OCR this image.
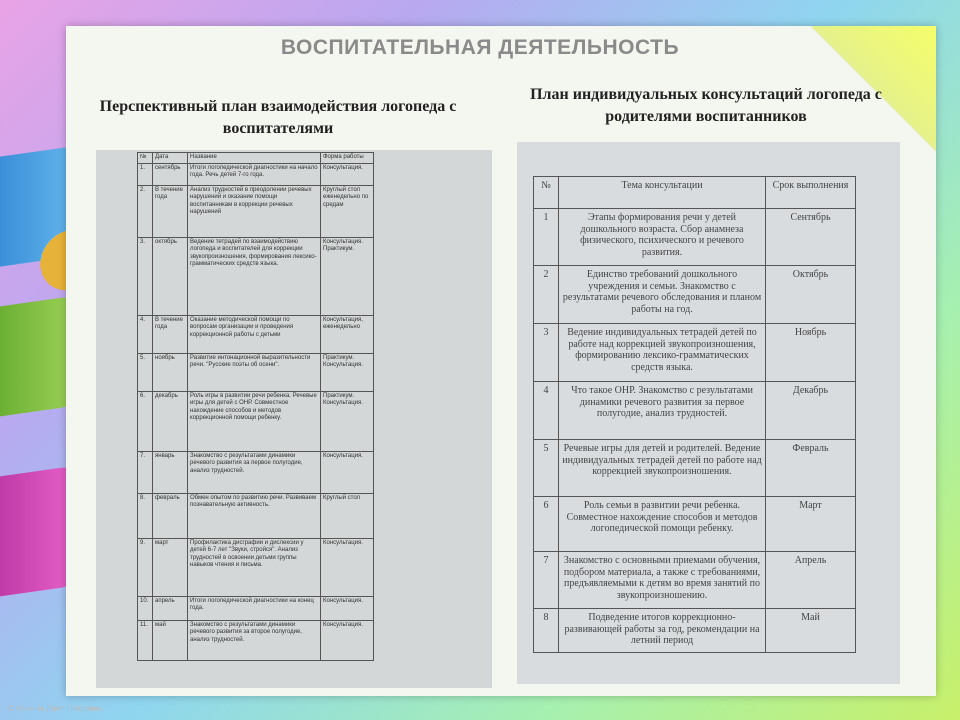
ВОСПИТАТЕЛЬНАЯ ДЕЯТЕЛЬНОСТЬ
Перспективный план взаимодействия логопеда с воспитателями
План индивидуальных консультаций логопеда с родителями воспитанников
№	Дата	Название	Форма работы
1.	сентябрь	Итоги логопедической диагностики на начало года. Речь детей 7-го года.	Консультация.
2.	В течение года	Анализ трудностей в преодолении речевых нарушений и оказание помощи воспитанникам в коррекции речевых нарушений	Круглый стол еженедельно по средам
3.	октябрь	Ведение тетрадей по взаимодействию логопеда и воспитателей для коррекции звукопроизношения, формирования лексико-грамматических средств языка.	Консультация. Практикум.
4.	В течение года	Оказание методической помощи по вопросам организации и проведения коррекционной работы с детьми	Консультация, еженедельно
5.	ноябрь	Развитие интонационной выразительности речи. "Русские поэты об осени".	Практикум. Консультация.
6.	декабрь	Роль игры в развитии речи ребенка. Речевые игры для детей с ОНР. Совместное нахождение способов и методов коррекционной помощи ребенку.	Практикум. Консультация.
7.	январь	Знакомство с результатами динамики речевого развития за первое полугодие, анализ трудностей.	Консультация.
8.	февраль	Обмен опытом по развитию речи. Развиваем познавательную активность.	Круглый стол
9.	март	Профилактика дисграфии и дислексии у детей 6-7 лет "Звуки, стройся". Анализ трудностей в освоении детьми группы навыков чтения и письма.	Консультация.
10.	апрель	Итоги логопедической диагностики на конец года.	Консультация.
11.	май	Знакомство с результатами динамики речевого развития за второе полугодие, анализ трудностей.	Консультация.
№	Тема консультации	Срок выполнения
1	Этапы формирования речи у детей дошкольного возраста. Сбор анамнеза физического, психического и речевого развития.	Сентябрь
2	Единство требований дошкольного учреждения и семьи. Знакомство с результатами речевого обследования и планом работы на год.	Октябрь
3	Ведение индивидуальных тетрадей детей по работе над коррекцией звукопроизношения, формированию лексико-грамматических средств языка.	Ноябрь
4	Что такое ОНР. Знакомство с результатами динамики речевого развития за первое полугодие, анализ трудностей.	Декабрь
5	Речевые игры для детей и родителей. Ведение индивидуальных тетрадей детей по работе над коррекцией звукопроизношения.	Февраль
6	Роль семьи в развитии речи ребенка. Совместное нахождение способов и методов логопедической помощи ребенку.	Март
7	Знакомство с основными приемами обучения, подбором материала, а также с требованиями, предъявляемыми к детям во время занятий по звукопроизношению.	Апрель
8	Подведение итогов коррекционно-развивающей работы за год, рекомендации на летний период	Май
© Фокина Лиля Петровна
